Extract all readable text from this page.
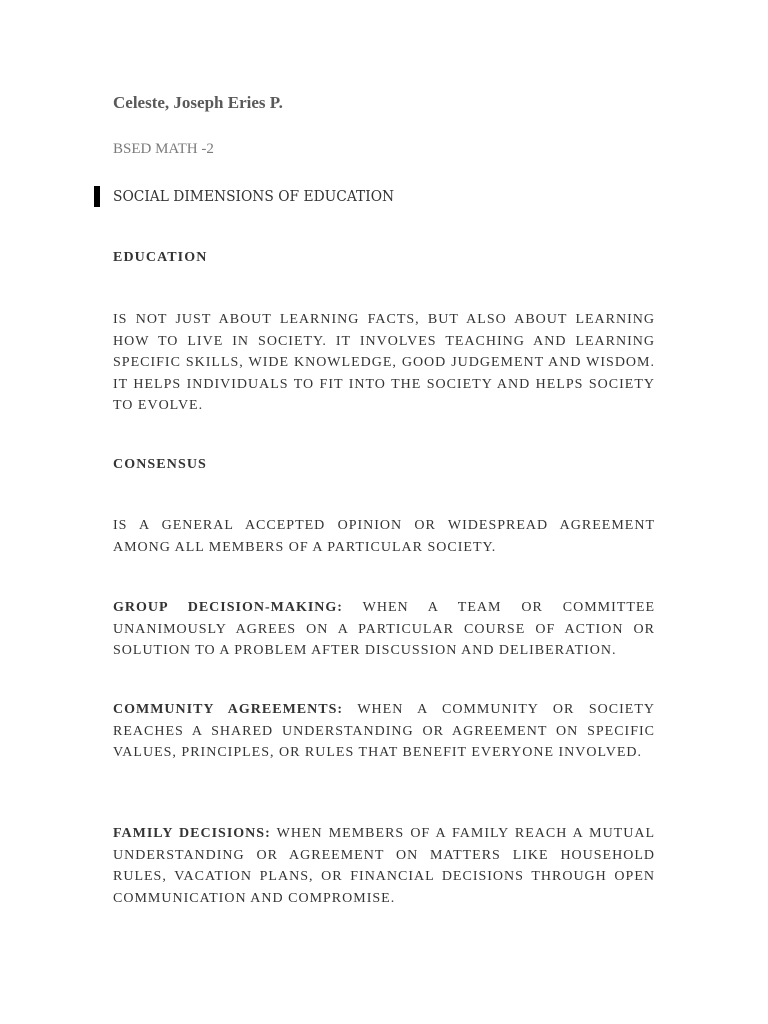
Celeste, Joseph Eries P.

BSED MATH -2

SOCIAL DIMENSIONS OF EDUCATION

EDUCATION

IS NOT JUST ABOUT LEARNING FACTS, BUT ALSO ABOUT LEARNING HOW TO LIVE IN SOCIETY. IT INVOLVES TEACHING AND LEARNING SPECIFIC SKILLS, WIDE KNOWLEDGE, GOOD JUDGEMENT AND WISDOM. IT HELPS INDIVIDUALS TO FIT INTO THE SOCIETY AND HELPS SOCIETY TO EVOLVE.

CONSENSUS

IS A GENERAL ACCEPTED OPINION OR WIDESPREAD AGREEMENT AMONG ALL MEMBERS OF A PARTICULAR SOCIETY.

GROUP DECISION-MAKING: WHEN A TEAM OR COMMITTEE UNANIMOUSLY AGREES ON A PARTICULAR COURSE OF ACTION OR SOLUTION TO A PROBLEM AFTER DISCUSSION AND DELIBERATION.

COMMUNITY AGREEMENTS: WHEN A COMMUNITY OR SOCIETY REACHES A SHARED UNDERSTANDING OR AGREEMENT ON SPECIFIC VALUES, PRINCIPLES, OR RULES THAT BENEFIT EVERYONE INVOLVED.

FAMILY DECISIONS: WHEN MEMBERS OF A FAMILY REACH A MUTUAL UNDERSTANDING OR AGREEMENT ON MATTERS LIKE HOUSEHOLD RULES, VACATION PLANS, OR FINANCIAL DECISIONS THROUGH OPEN COMMUNICATION AND COMPROMISE.
